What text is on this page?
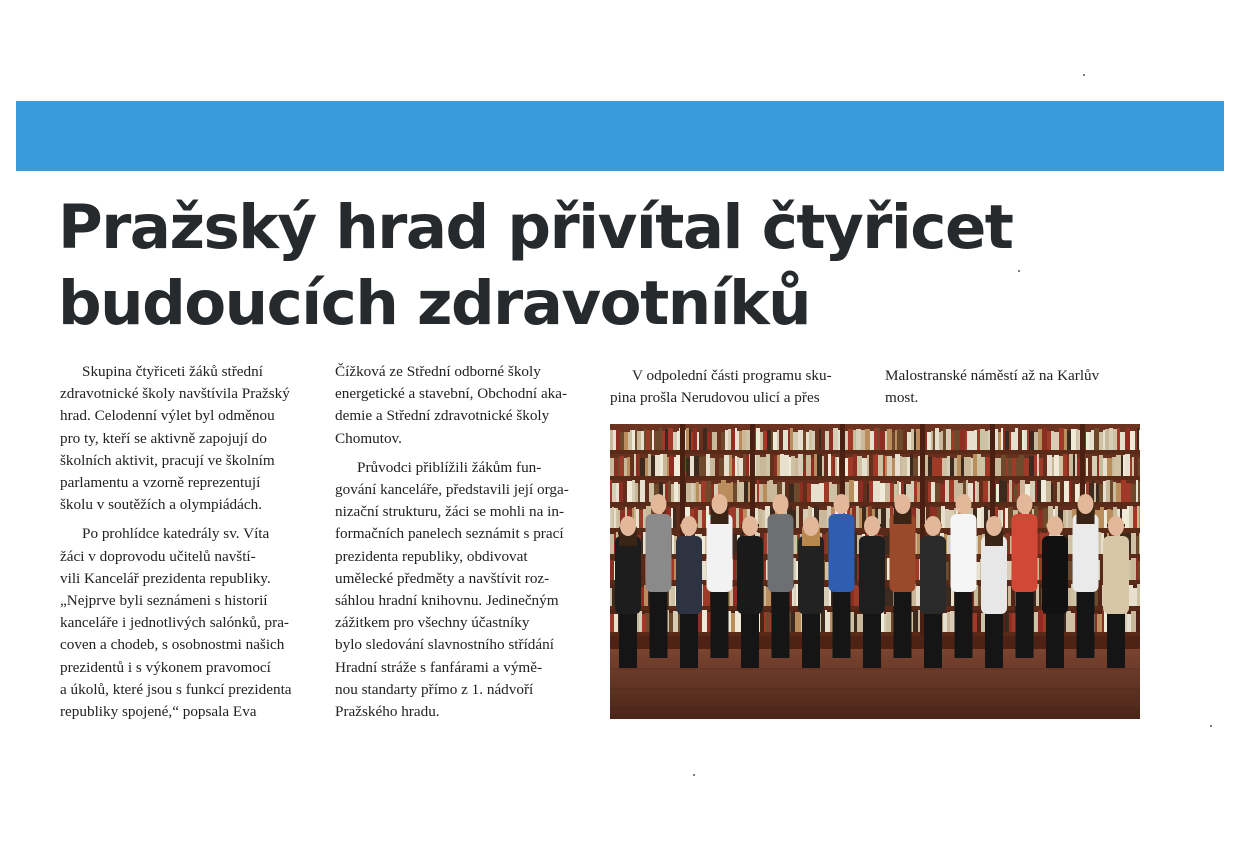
Pražský hrad přivítal čtyřicet
budoucích zdravotníků

Skupina čtyřiceti žáků střední

zdravotnické školy navštívila Pražský

hrad. Celodenní výlet byl odměnou

pro ty, kteří se aktivně zapojují do

školních aktivit, pracují ve školním

parlamentu a vzorně reprezentují

školu v soutěžích a olympiádách.

Po prohlídce katedrály sv. Víta

žáci v doprovodu učitelů navští-

vili Kancelář prezidenta republiky.

„Nejprve byli seznámeni s historií

kanceláře i jednotlivých salónků, pra-

coven a chodeb, s osobnostmi našich

prezidentů i s výkonem pravomocí

a úkolů, které jsou s funkcí prezidenta

republiky spojené,“ popsala Eva

Čížková ze Střední odborné školy

energetické a stavební, Obchodní aka-

demie a Střední zdravotnické školy

Chomutov.

Průvodci přiblížili žákům fun-

gování kanceláře, představili její orga-

nizační strukturu, žáci se mohli na in-

formačních panelech seznámit s prací

prezidenta republiky, obdivovat

umělecké předměty a navštívit roz-

sáhlou hradní knihovnu. Jedinečným

zážitkem pro všechny účastníky

bylo sledování slavnostního střídání

Hradní stráže s fanfárami a výmě-

nou standarty přímo z 1. nádvoří

Pražského hradu.

V odpolední části programu sku-

pina prošla Nerudovou ulicí a přes

Malostranské náměstí až na Karlův

most.
